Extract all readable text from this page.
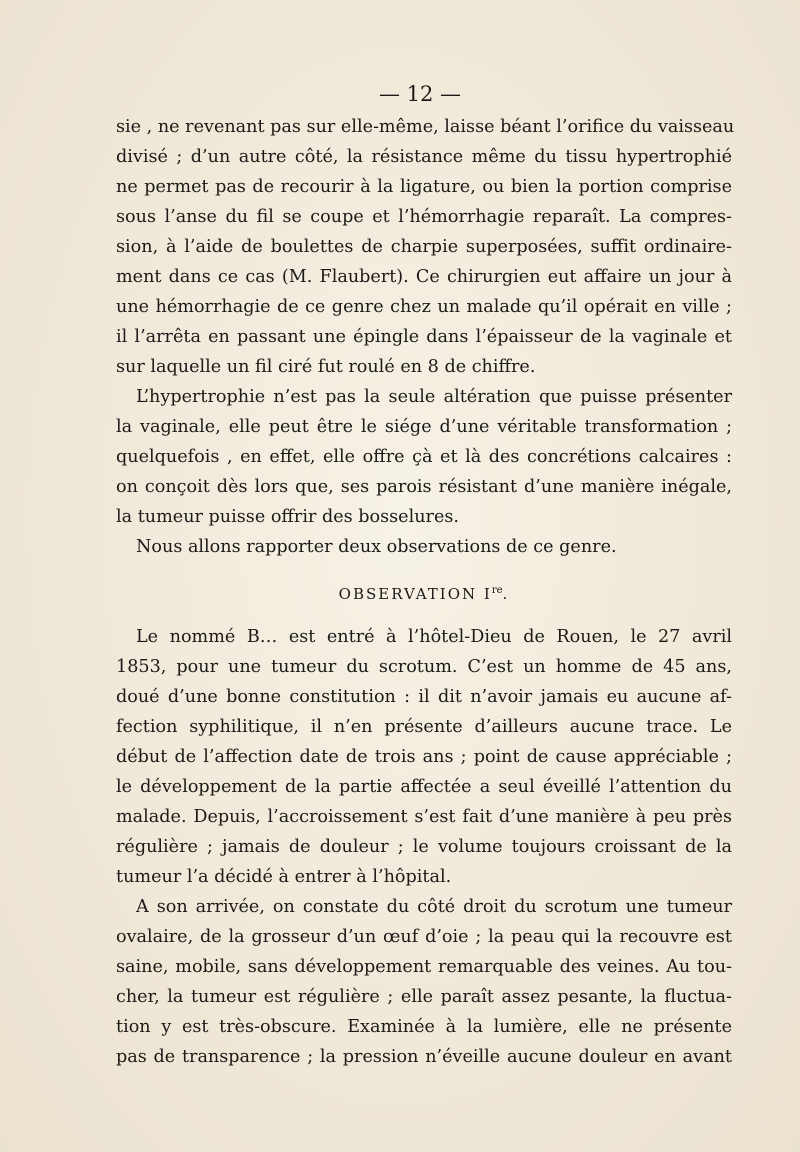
— 12 —
sie , ne revenant pas sur elle-même, laisse béant l’orifice du vaisseau
divisé ; d’un autre côté, la résistance même du tissu hypertrophié
ne permet pas de recourir à la ligature, ou bien la portion comprise
sous l’anse du fil se coupe et l’hémorrhagie reparaît. La compres-
sion, à l’aide de boulettes de charpie superposées, suffit ordinaire-
ment dans ce cas (M. Flaubert). Ce chirurgien eut affaire un jour à
une hémorrhagie de ce genre chez un malade qu’il opérait en ville ;
il l’arrêta en passant une épingle dans l’épaisseur de la vaginale et
sur laquelle un fil ciré fut roulé en 8 de chiffre.
L’hypertrophie n’est pas la seule altération que puisse présenter
la vaginale, elle peut être le siége d’une véritable transformation ;
quelquefois , en effet, elle offre çà et là des concrétions calcaires :
on conçoit dès lors que, ses parois résistant d’une manière inégale,
la tumeur puisse offrir des bosselures.
Nous allons rapporter deux observations de ce genre.
OBSERVATION Ire.
Le nommé B… est entré à l’hôtel-Dieu de Rouen, le 27 avril
1853, pour une tumeur du scrotum. C’est un homme de 45 ans,
doué d’une bonne constitution : il dit n’avoir jamais eu aucune af-
fection syphilitique, il n’en présente d’ailleurs aucune trace. Le
début de l’affection date de trois ans ; point de cause appréciable ;
le développement de la partie affectée a seul éveillé l’attention du
malade. Depuis, l’accroissement s’est fait d’une manière à peu près
régulière ; jamais de douleur ; le volume toujours croissant de la
tumeur l’a décidé à entrer à l’hôpital.
A son arrivée, on constate du côté droit du scrotum une tumeur
ovalaire, de la grosseur d’un œuf d’oie ; la peau qui la recouvre est
saine, mobile, sans développement remarquable des veines. Au tou-
cher, la tumeur est régulière ; elle paraît assez pesante, la fluctua-
tion y est très-obscure. Examinée à la lumière, elle ne présente
pas de transparence ; la pression n’éveille aucune douleur en avant
